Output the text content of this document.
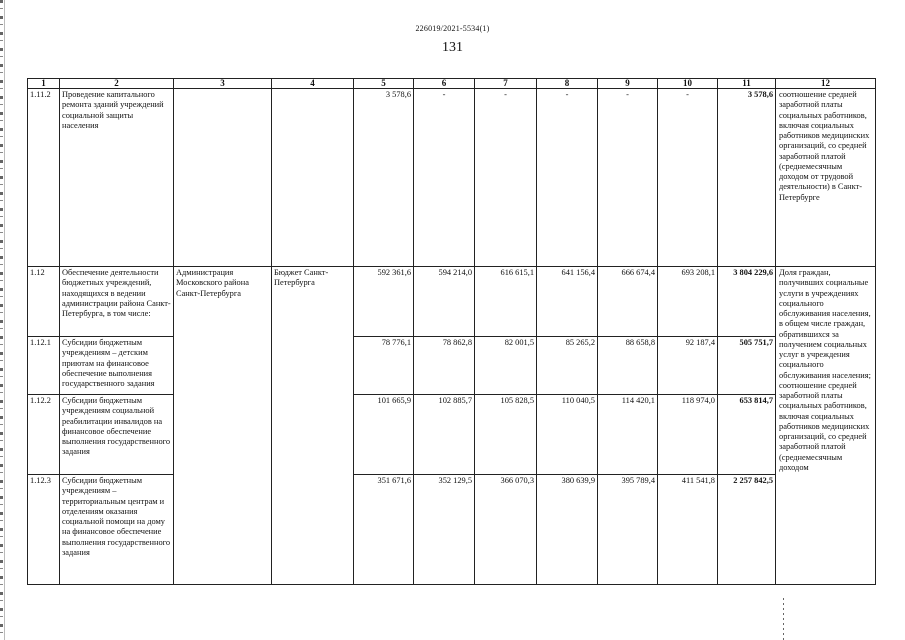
226019/2021-5534(1)
131
1	2	3	4	5	6	7	8	9	10	11	12
1.11.2	Проведение капитального ремонта зданий учреждений социальной защиты населения			3 578,6	-	-	-	-	-	3 578,6	соотношение средней заработной платы социальных работников, включая социальных работников медицинских организаций, со средней заработной платой (среднемесячным доходом от трудовой деятельности) в Санкт-Петербурге
1.12	Обеспечение деятельности бюджетных учреждений, находящихся в ведении администрации района Санкт-Петербурга, в том числе:	Администрация Московского района Санкт-Петербурга	Бюджет Санкт-Петербурга	592 361,6	594 214,0	616 615,1	641 156,4	666 674,4	693 208,1	3 804 229,6	Доля граждан, получивших социальные услуги в учреждениях социального обслуживания населения, в общем числе граждан, обратившихся за получением социальных услуг в учреждения социального обслуживания населения; соотношение средней заработной платы социальных работников, включая социальных работников медицинских организаций, со средней заработной платой (среднемесячным доходом
1.12.1	Субсидии бюджетным учреждениям – детским приютам на финансовое обеспечение выполнения государственного задания			78 776,1	78 862,8	82 001,5	85 265,2	88 658,8	92 187,4	505 751,7	
1.12.2	Субсидии бюджетным учреждениям социальной реабилитации инвалидов на финансовое обеспечение выполнения государственного задания			101 665,9	102 885,7	105 828,5	110 040,5	114 420,1	118 974,0	653 814,7	
1.12.3	Субсидии бюджетным учреждениям – территориальным центрам и отделениям оказания социальной помощи на дому на финансовое обеспечение выполнения государственного задания			351 671,6	352 129,5	366 070,3	380 639,9	395 789,4	411 541,8	2 257 842,5	
